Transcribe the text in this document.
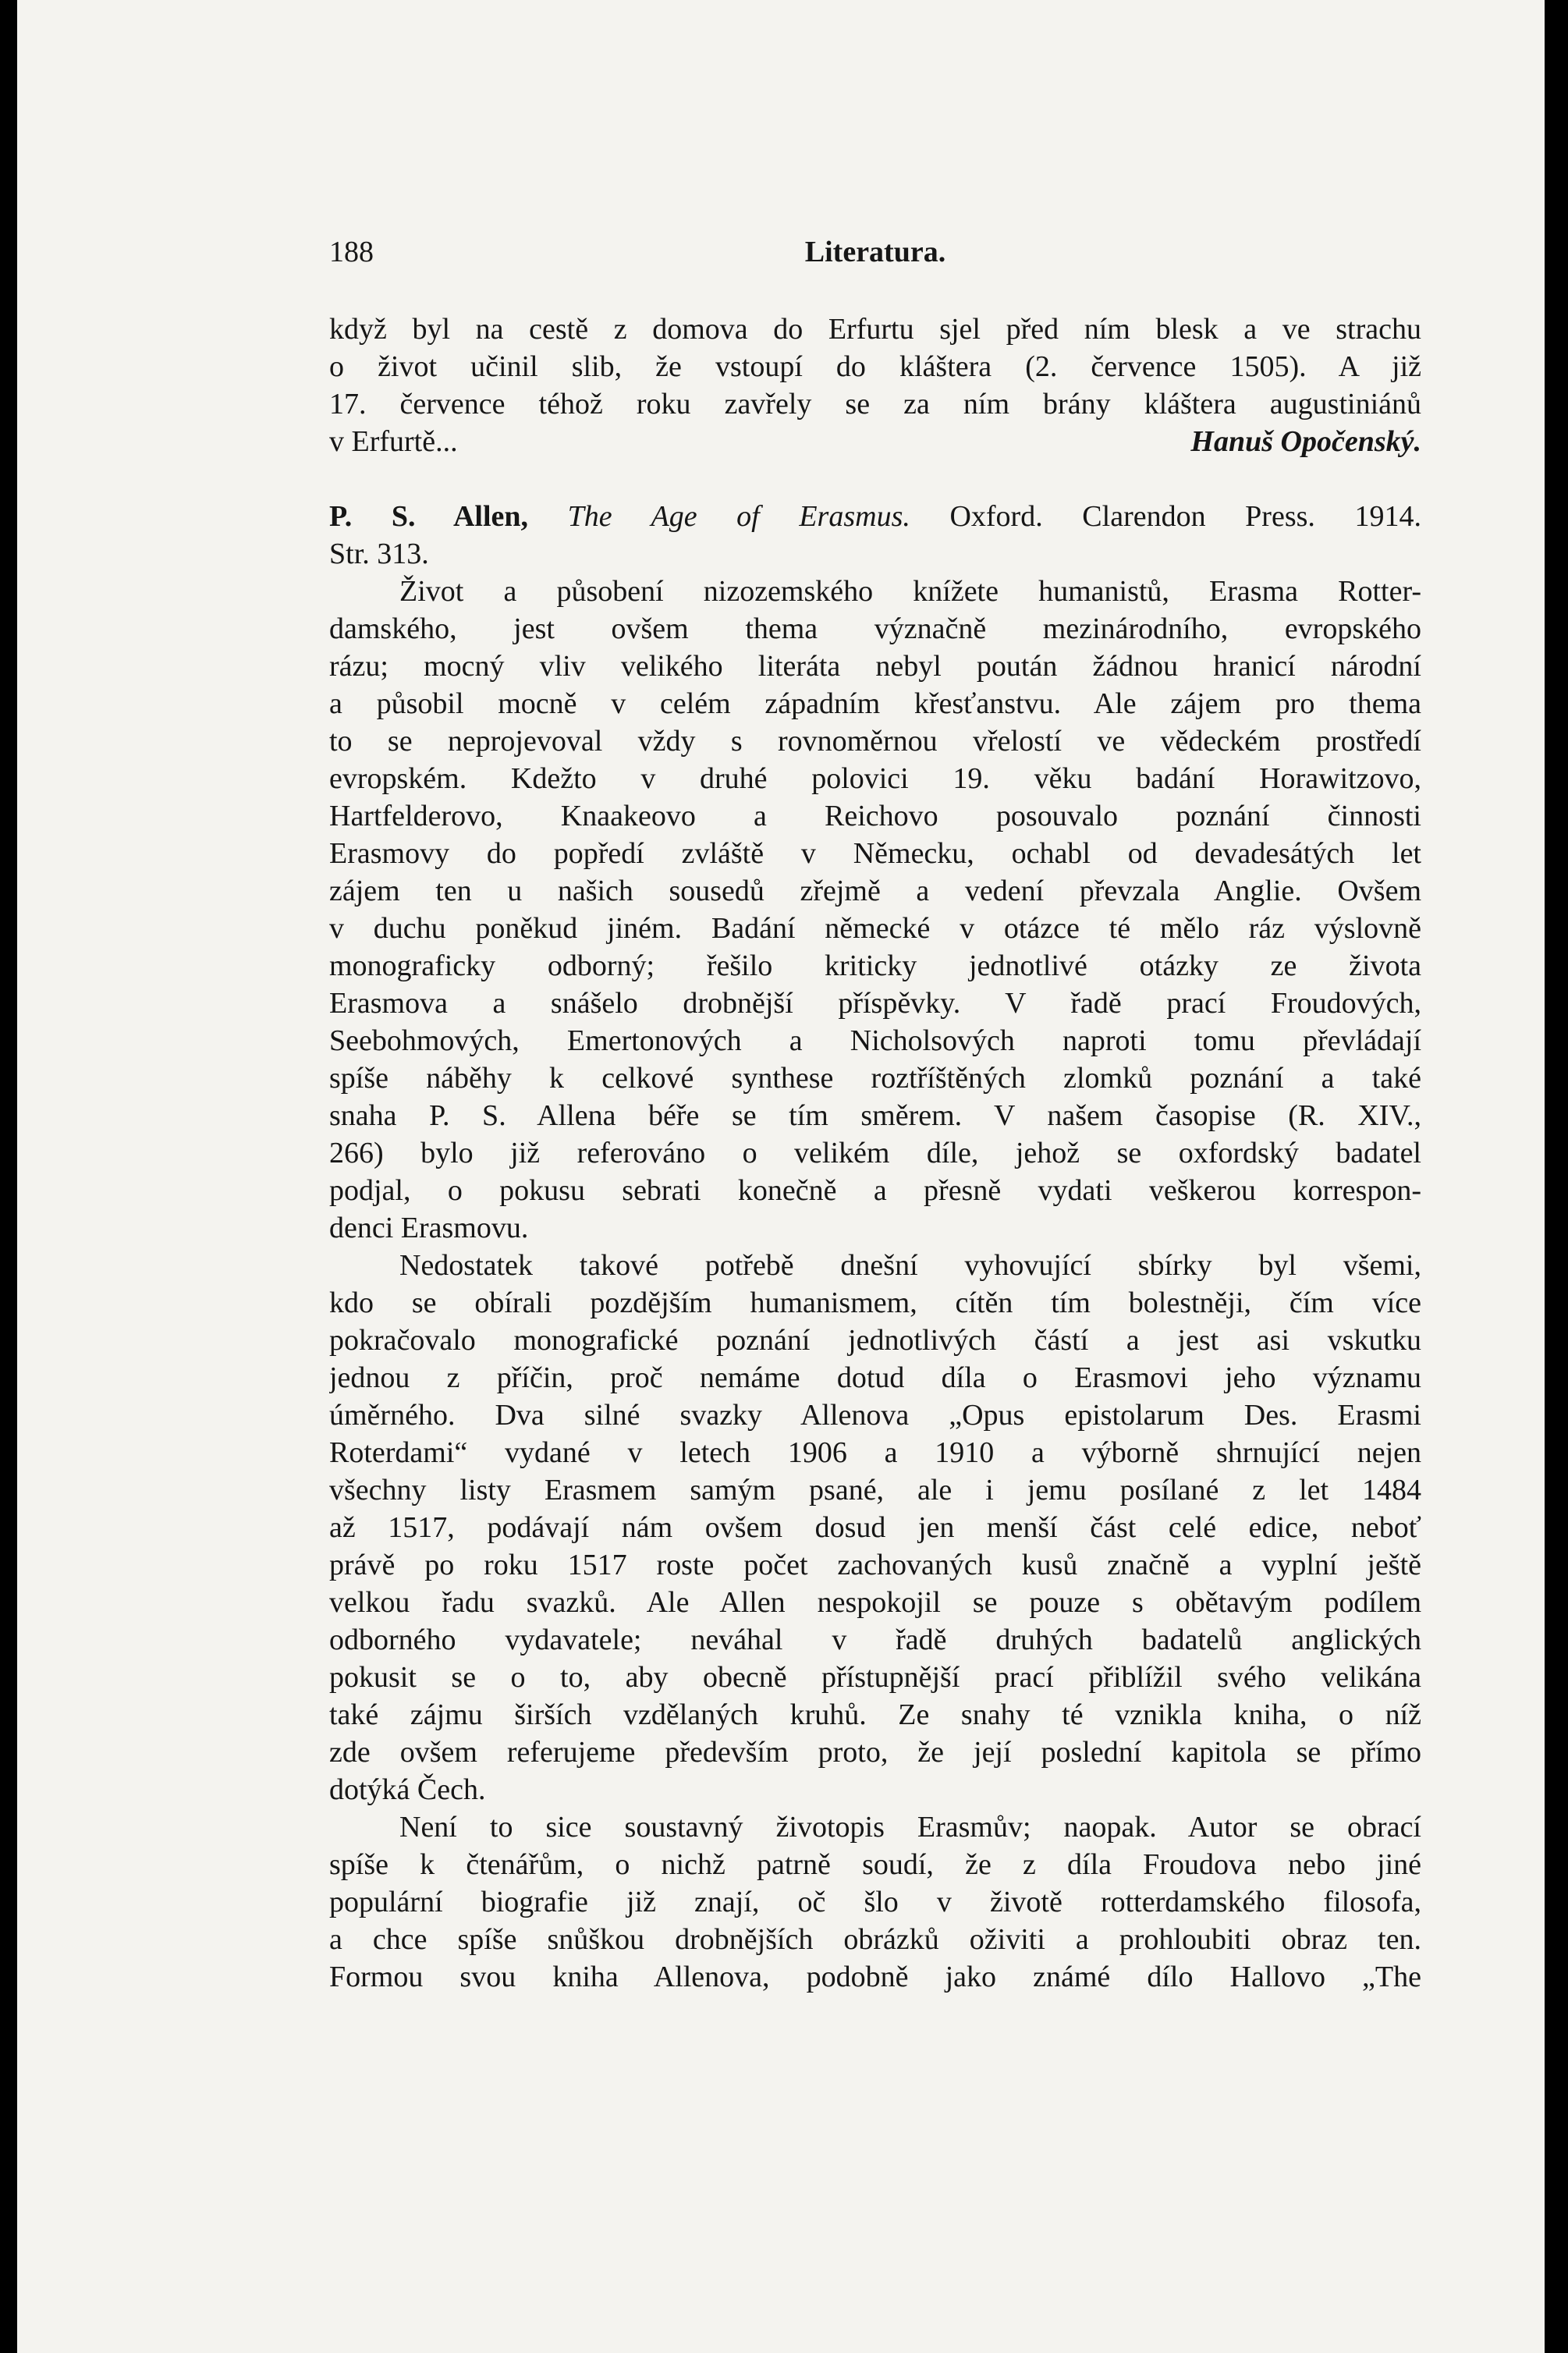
188	Literatura.
když byl na cestě z domova do Erfurtu sjel před ním blesk a ve strachu
o život učinil slib, že vstoupí do kláštera (2. července 1505). A již
17. července téhož roku zavřely se za ním brány kláštera augustiniánů
v Erfurtě...	Hanuš Opočenský.
P. S. Allen, The Age of Erasmus. Oxford. Clarendon Press. 1914.
Str. 313.
Život a působení nizozemského knížete humanistů, Erasma Rotter-
damského, jest ovšem thema význačně mezinárodního, evropského
rázu; mocný vliv velikého literáta nebyl poután žádnou hranicí národní
a působil mocně v celém západním křesťanstvu. Ale zájem pro thema
to se neprojevoval vždy s rovnoměrnou vřelostí ve vědeckém prostředí
evropském. Kdežto v druhé polovici 19. věku badání Horawitzovo,
Hartfelderovo, Knaakeovo a Reichovo posouvalo poznání činnosti
Erasmovy do popředí zvláště v Německu, ochabl od devadesátých let
zájem ten u našich sousedů zřejmě a vedení převzala Anglie. Ovšem
v duchu poněkud jiném. Badání německé v otázce té mělo ráz výslovně
monograficky odborný; řešilo kriticky jednotlivé otázky ze života
Erasmova a snášelo drobnější příspěvky. V řadě prací Froudových,
Seebohmových, Emertonových a Nicholsových naproti tomu převládají
spíše náběhy k celkové synthese roztříštěných zlomků poznání a také
snaha P. S. Allena béře se tím směrem. V našem časopise (R. XIV.,
266) bylo již referováno o velikém díle, jehož se oxfordský badatel
podjal, o pokusu sebrati konečně a přesně vydati veškerou korrespon-
denci Erasmovu.
Nedostatek takové potřebě dnešní vyhovující sbírky byl všemi,
kdo se obírali pozdějším humanismem, cítěn tím bolestněji, čím více
pokračovalo monografické poznání jednotlivých částí a jest asi vskutku
jednou z příčin, proč nemáme dotud díla o Erasmovi jeho významu
úměrného. Dva silné svazky Allenova „Opus epistolarum Des. Erasmi
Roterdami“ vydané v letech 1906 a 1910 a výborně shrnující nejen
všechny listy Erasmem samým psané, ale i jemu posílané z let 1484
až 1517, podávají nám ovšem dosud jen menší část celé edice, neboť
právě po roku 1517 roste počet zachovaných kusů značně a vyplní ještě
velkou řadu svazků. Ale Allen nespokojil se pouze s obětavým podílem
odborného vydavatele; neváhal v řadě druhých badatelů anglických
pokusit se o to, aby obecně přístupnější prací přiblížil svého velikána
také zájmu širších vzdělaných kruhů. Ze snahy té vznikla kniha, o níž
zde ovšem referujeme především proto, že její poslední kapitola se přímo
dotýká Čech.
Není to sice soustavný životopis Erasmův; naopak. Autor se obrací
spíše k čtenářům, o nichž patrně soudí, že z díla Froudova nebo jiné
populární biografie již znají, oč šlo v životě rotterdamského filosofa,
a chce spíše snůškou drobnějších obrázků oživiti a prohloubiti obraz ten.
Formou svou kniha Allenova, podobně jako známé dílo Hallovo „The
